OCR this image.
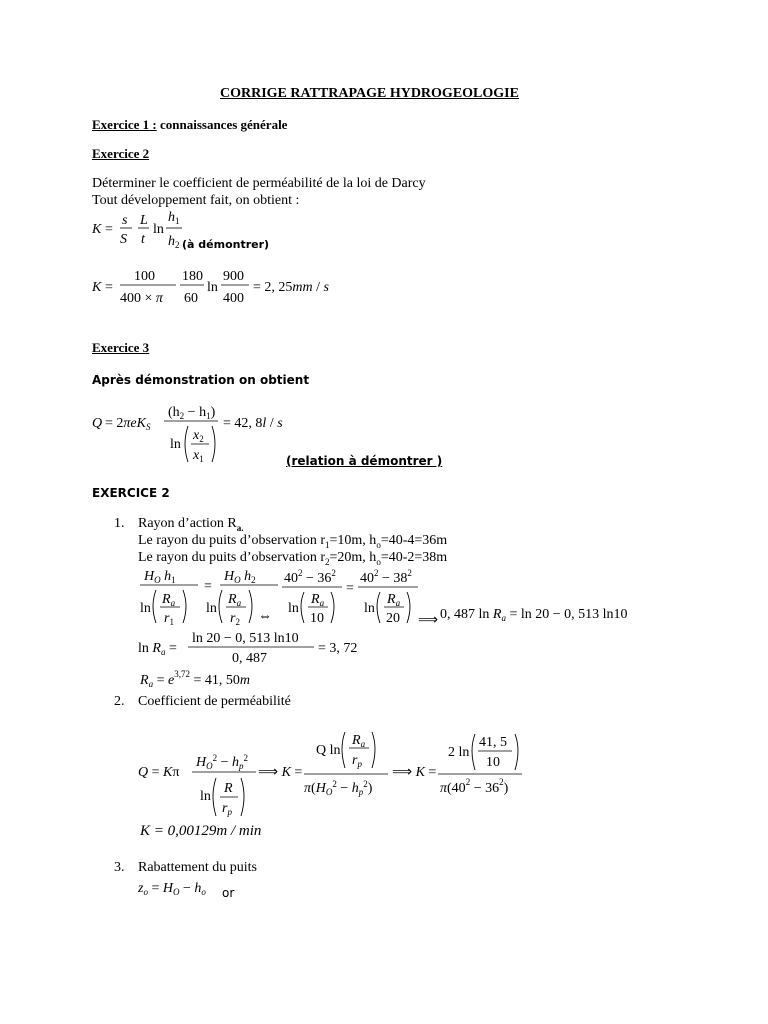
CORRIGE RATTRAPAGE HYDROGEOLOGIE
Exercice 1 : connaissances générale
Exercice 2
Déterminer le coefficient de perméabilité de la loi de Darcy
Tout développement fait, on obtient :
K =
s
S
L
t
ln
$h_1$
$h_2$ (à démontrer)
K =
100
400 × π
180
60
ln
900
400
= 2, 25mm / s
Exercice 3
Après démonstration on obtient
Q = 2πeK$_S$
$(h_2 - h_1)$
ln
$x_2$
$x_1$
= 42, 8l / s
(relation à démontrer )
EXERCICE 2
1. Rayon d’action $R_{a.}$
Le rayon du puits d’observation $r_1=10m$, $h_o=40-4=36m$
Le rayon du puits d’observation $r_2=20m$, $h_o=40-2=38m$
$H_O$ $h_1$
ln
$R_a$
$r_1$
=
$H_O$ $h_2$
ln
$R_a$
$r_2$ ⇔
$40^2 - 36^2$
ln
$R_a$
10
=
$40^2 - 38^2$
ln
$R_a$
20 ⟹ 0, 487 $\ln R_a = \ln 20 - 0$, 513 ln10
$\ln R_a$ =
ln 20 − 0, 513 ln10
0, 487
= 3, 72
$R_a = e^{3,72} = 41$, 50m
2. Coefficient de perméabilité
Q = Kπ
$H_O^2 - h_p^2$
ln
R
$r_p$
⟹ K =
Q ln
$R_a$
$r_p$
$\pi(H_O^2 - h_p^2)$
⟹ K =
2 ln
41, 5
10
$\pi(40^2 - 36^2)$
K = 0,00129m / min
3. Rabattement du puits
$z_o = H_O - h_o$ or
